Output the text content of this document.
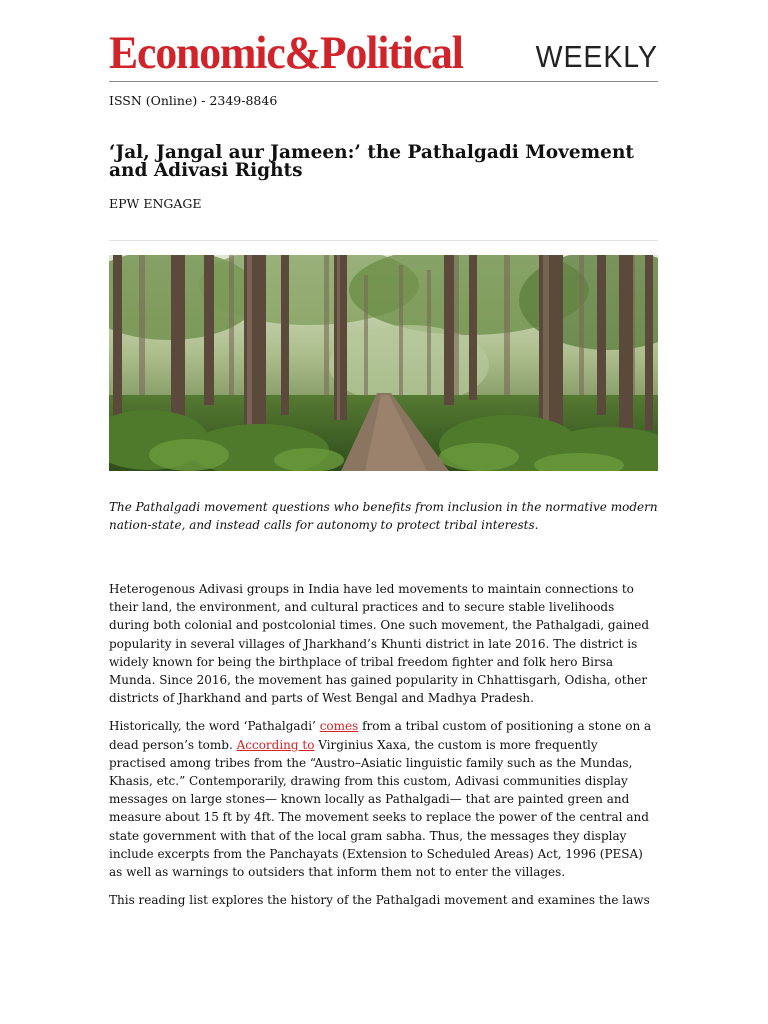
Economic&Political WEEKLY
ISSN (Online) - 2349-8846
‘Jal, Jangal aur Jameen:’ the Pathalgadi Movement and Adivasi Rights
EPW ENGAGE

The Pathalgadi movement questions who benefits from inclusion in the normative modern nation-state, and instead calls for autonomy to protect tribal interests.

Heterogenous Adivasi groups in India have led movements to maintain connections to their land, the environment, and cultural practices and to secure stable livelihoods during both colonial and postcolonial times. One such movement, the Pathalgadi, gained popularity in several villages of Jharkhand’s Khunti district in late 2016. The district is widely known for being the birthplace of tribal freedom fighter and folk hero Birsa Munda. Since 2016, the movement has gained popularity in Chhattisgarh, Odisha, other districts of Jharkhand and parts of West Bengal and Madhya Pradesh.

Historically, the word ‘Pathalgadi’ comes from a tribal custom of positioning a stone on a dead person’s tomb. According to Virginius Xaxa, the custom is more frequently practised among tribes from the “Austro–Asiatic linguistic family such as the Mundas, Khasis, etc.” Contemporarily, drawing from this custom, Adivasi communities display messages on large stones— known locally as Pathalgadi— that are painted green and measure about 15 ft by 4ft. The movement seeks to replace the power of the central and state government with that of the local gram sabha. Thus, the messages they display include excerpts from the Panchayats (Extension to Scheduled Areas) Act, 1996 (PESA) as well as warnings to outsiders that inform them not to enter the villages.

This reading list explores the history of the Pathalgadi movement and examines the laws
